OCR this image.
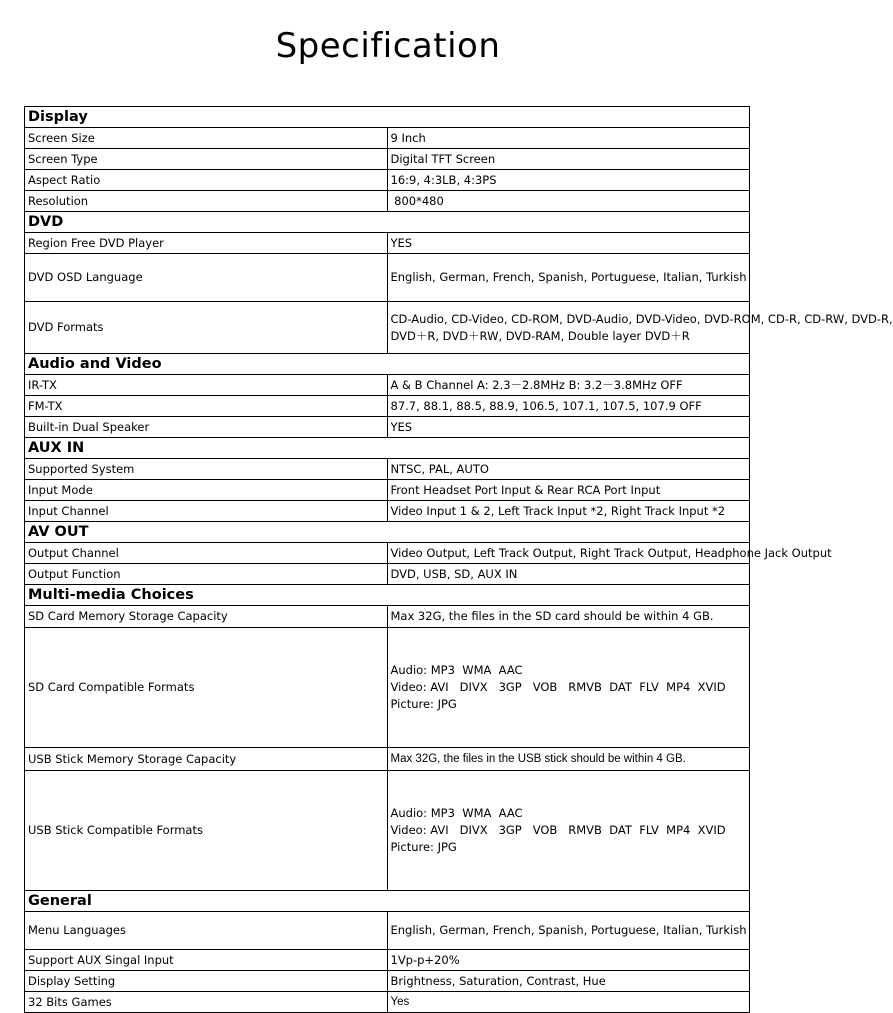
Specification
Display	
Screen Size	9 Inch
Screen Type	Digital TFT Screen
Aspect Ratio	16:9, 4:3LB, 4:3PS
Resolution	800*480
DVD	
Region Free DVD Player	YES
DVD OSD Language	English, German, French, Spanish, Portuguese, Italian, Turkish
DVD Formats	CD-Audio, CD-Video, CD-ROM, DVD-Audio, DVD-Video, DVD-ROM, CD-R, CD-RW, DVD-R,
DVD＋R, DVD＋RW, DVD-RAM, Double layer DVD＋R

Audio and Video	
IR-TX	A & B Channel A: 2.3－2.8MHz B: 3.2－3.8MHz OFF
FM-TX	87.7, 88.1, 88.5, 88.9, 106.5, 107.1, 107.5, 107.9 OFF
Built-in Dual Speaker	YES
AUX IN	
Supported System	NTSC, PAL, AUTO
Input Mode	Front Headset Port Input & Rear RCA Port Input
Input Channel	Video Input 1 & 2, Left Track Input *2, Right Track Input *2
AV OUT	
Output Channel	Video Output, Left Track Output, Right Track Output, Headphone Jack Output
Output Function	DVD, USB, SD, AUX IN
Multi-media Choices	
SD Card Memory Storage Capacity	Max 32G, the files in the SD card should be within 4 GB.
SD Card Compatible Formats	Audio: MP3  WMA  AAC
Video: AVI   DIVX   3GP   VOB   RMVB  DAT  FLV  MP4  XVID
Picture: JPG

USB Stick Memory Storage Capacity	Max 32G, the files in the USB stick should be within 4 GB.
USB Stick Compatible Formats	Audio: MP3  WMA  AAC
Video: AVI   DIVX   3GP   VOB   RMVB  DAT  FLV  MP4  XVID
Picture: JPG

General	
Menu Languages	English, German, French, Spanish, Portuguese, Italian, Turkish
Support AUX Singal Input	1Vp-p+20%
Display Setting	Brightness, Saturation, Contrast, Hue
32 Bits Games	Yes
